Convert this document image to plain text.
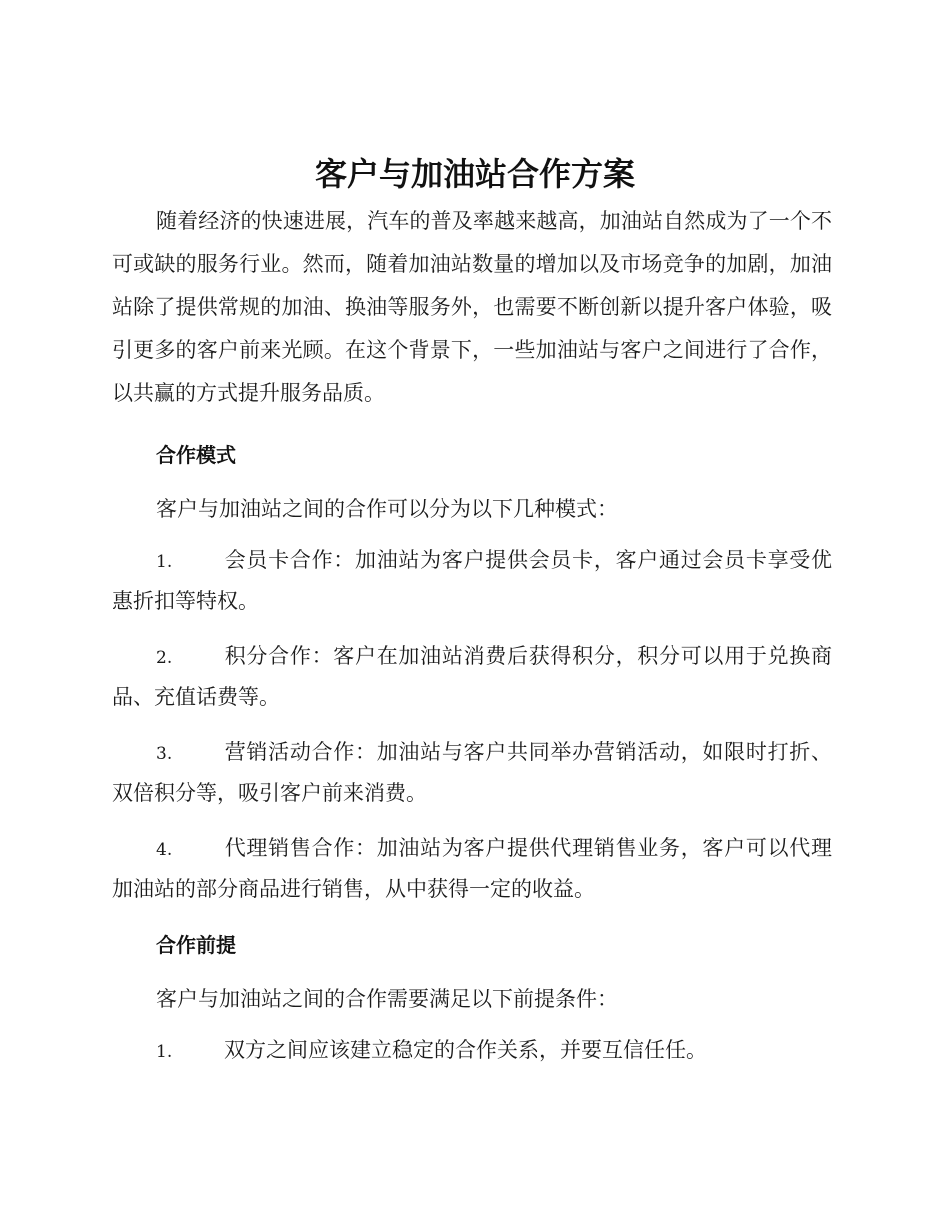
客户与加油站合作方案

随着经济的快速进展，汽车的普及率越来越高，加油站自然成为了一个不可或缺的服务行业。然而，随着加油站数量的增加以及市场竞争的加剧，加油站除了提供常规的加油、换油等服务外，也需要不断创新以提升客户体验，吸引更多的客户前来光顾。在这个背景下，一些加油站与客户之间进行了合作，以共赢的方式提升服务品质。

合作模式

客户与加油站之间的合作可以分为以下几种模式：

1. 会员卡合作：加油站为客户提供会员卡，客户通过会员卡享受优惠折扣等特权。

2. 积分合作：客户在加油站消费后获得积分，积分可以用于兑换商品、充值话费等。

3. 营销活动合作：加油站与客户共同举办营销活动，如限时打折、双倍积分等，吸引客户前来消费。

4. 代理销售合作：加油站为客户提供代理销售业务，客户可以代理加油站的部分商品进行销售，从中获得一定的收益。

合作前提

客户与加油站之间的合作需要满足以下前提条件：

1. 双方之间应该建立稳定的合作关系，并要互信任任。
